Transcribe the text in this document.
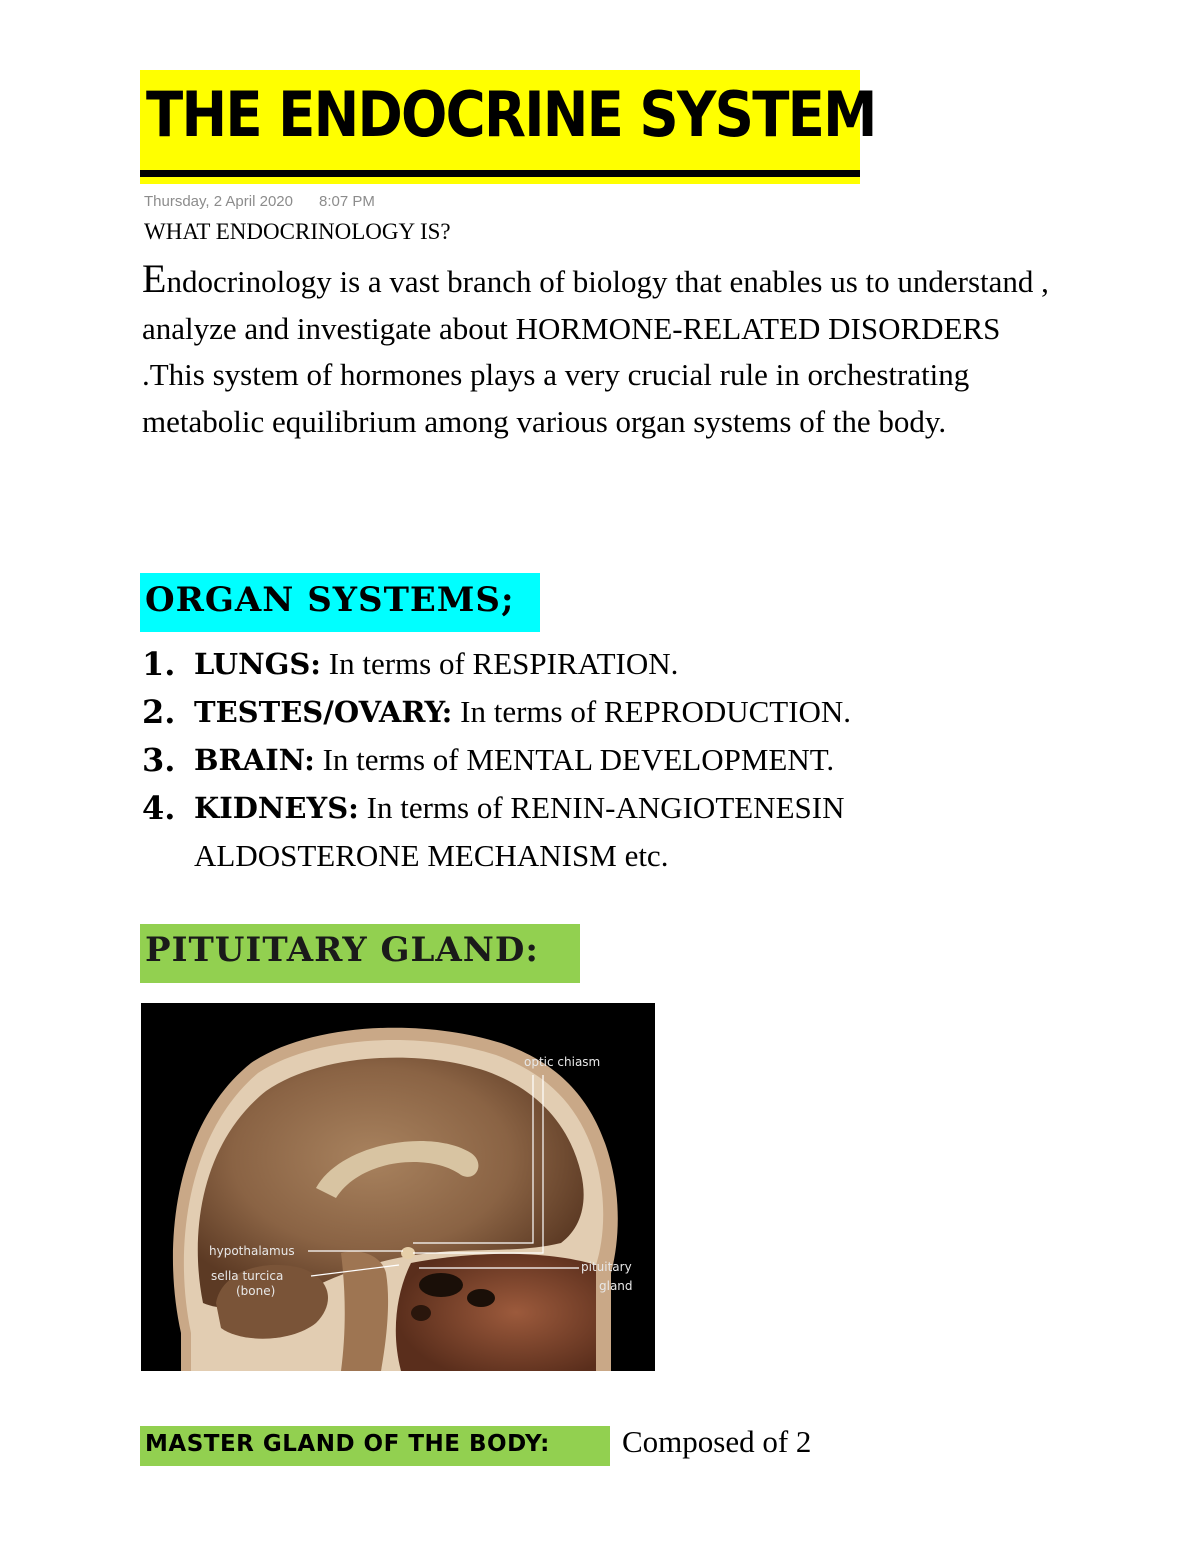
THE ENDOCRINE SYSTEM
Thursday, 2 April 2020 8:07 PM
WHAT ENDOCRINOLOGY IS?
Endocrinology is a vast branch of biology that enables us to understand , analyze and investigate about HORMONE-RELATED DISORDERS .This system of hormones plays a very crucial rule in orchestrating metabolic equilibrium among various organ systems of the body.
ORGAN SYSTEMS;
1. LUNGS: In terms of RESPIRATION.
2. TESTES/OVARY: In terms of REPRODUCTION.
3. BRAIN: In terms of MENTAL DEVELOPMENT.
4. KIDNEYS: In terms of RENIN-ANGIOTENESIN ALDOSTERONE MECHANISM etc.
PITUITARY GLAND:
optic chiasm
hypothalamus
sella turcica
(bone)
pituitary
gland
MASTER GLAND OF THE BODY: Composed of 2
